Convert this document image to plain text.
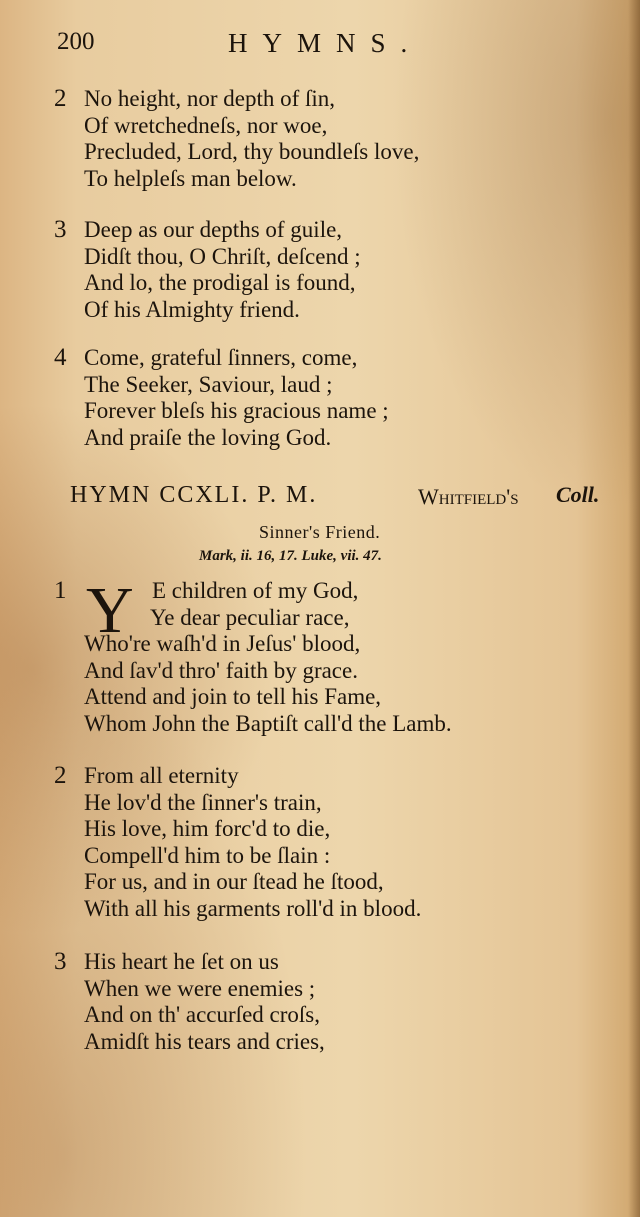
200	HYMNS.
2 No height, nor depth of ſin,
Of wretchedneſs, nor woe,
Precluded, Lord, thy boundleſs love,
To helpleſs man below.
3 Deep as our depths of guile,
Didſt thou, O Chriſt, deſcend ;
And lo, the prodigal is found,
Of his Almighty friend.
4 Come, grateful ſinners, come,
The Seeker, Saviour, laud ;
Forever bleſs his gracious name ;
And praiſe the loving God.
HYMN CCXLI. P. M.	Whitfield's Coll.
Sinner's Friend.
Mark, ii. 16, 17. Luke, vii. 47.
1 Y E children of my God,
Ye dear peculiar race,
Who're waſh'd in Jeſus' blood,
And ſav'd thro' faith by grace.
Attend and join to tell his Fame,
Whom John the Baptiſt call'd the Lamb.
2 From all eternity
He lov'd the ſinner's train,
His love, him forc'd to die,
Compell'd him to be ſlain :
For us, and in our ſtead he ſtood,
With all his garments roll'd in blood.
3 His heart he ſet on us
When we were enemies ;
And on th' accurſed croſs,
Amidſt his tears and cries,
